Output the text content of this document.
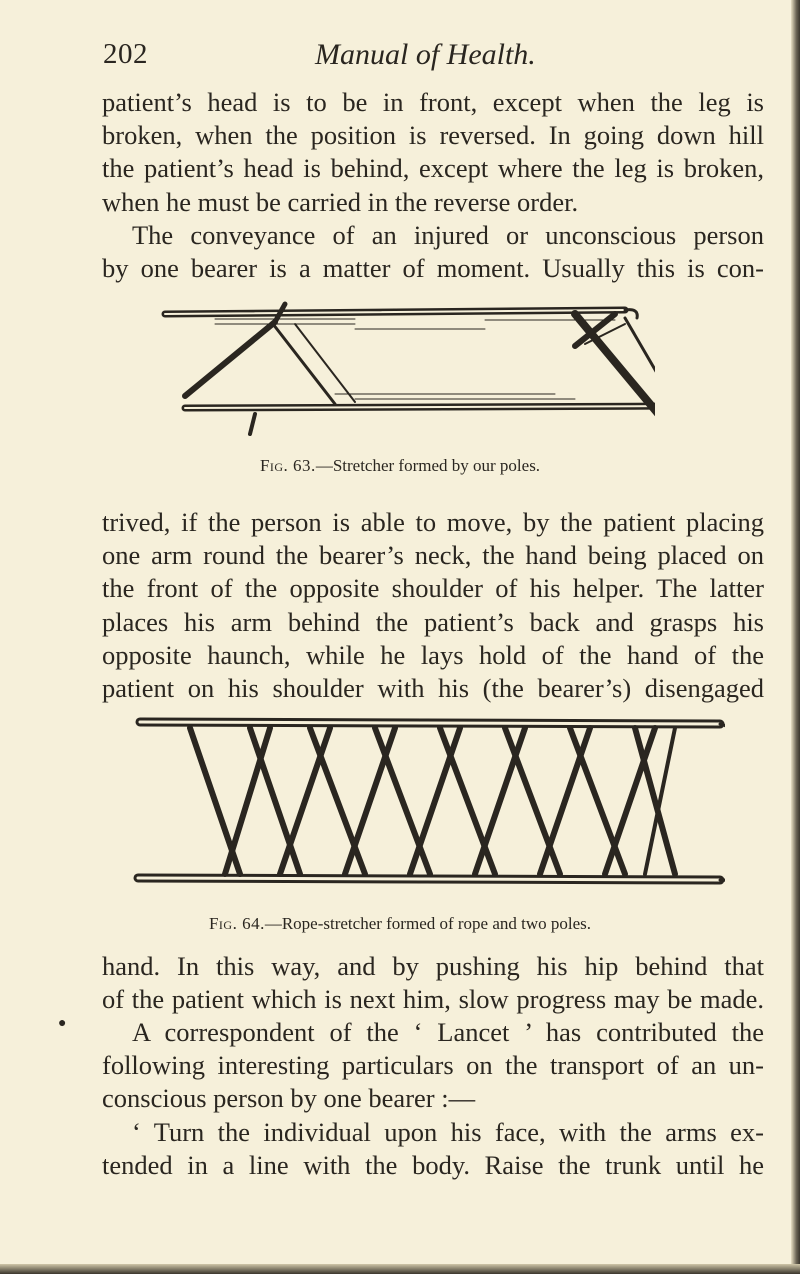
202	Manual of Health.
patient’s head is to be in front, except when the leg is
broken, when the position is reversed. In going down hill
the patient’s head is behind, except where the leg is broken,
when he must be carried in the reverse order.
The conveyance of an injured or unconscious person
by one bearer is a matter of moment. Usually this is con-
Fig. 63.—Stretcher formed by our poles.
trived, if the person is able to move, by the patient placing
one arm round the bearer’s neck, the hand being placed on
the front of the opposite shoulder of his helper. The latter
places his arm behind the patient’s back and grasps his
opposite haunch, while he lays hold of the hand of the
patient on his shoulder with his (the bearer’s) disengaged
Fig. 64.—Rope-stretcher formed of rope and two poles.
hand. In this way, and by pushing his hip behind that
of the patient which is next him, slow progress may be made.
A correspondent of the ‘ Lancet ’ has contributed the
following interesting particulars on the transport of an un-
conscious person by one bearer :—
●
‘ Turn the individual upon his face, with the arms ex-
tended in a line with the body. Raise the trunk until he
